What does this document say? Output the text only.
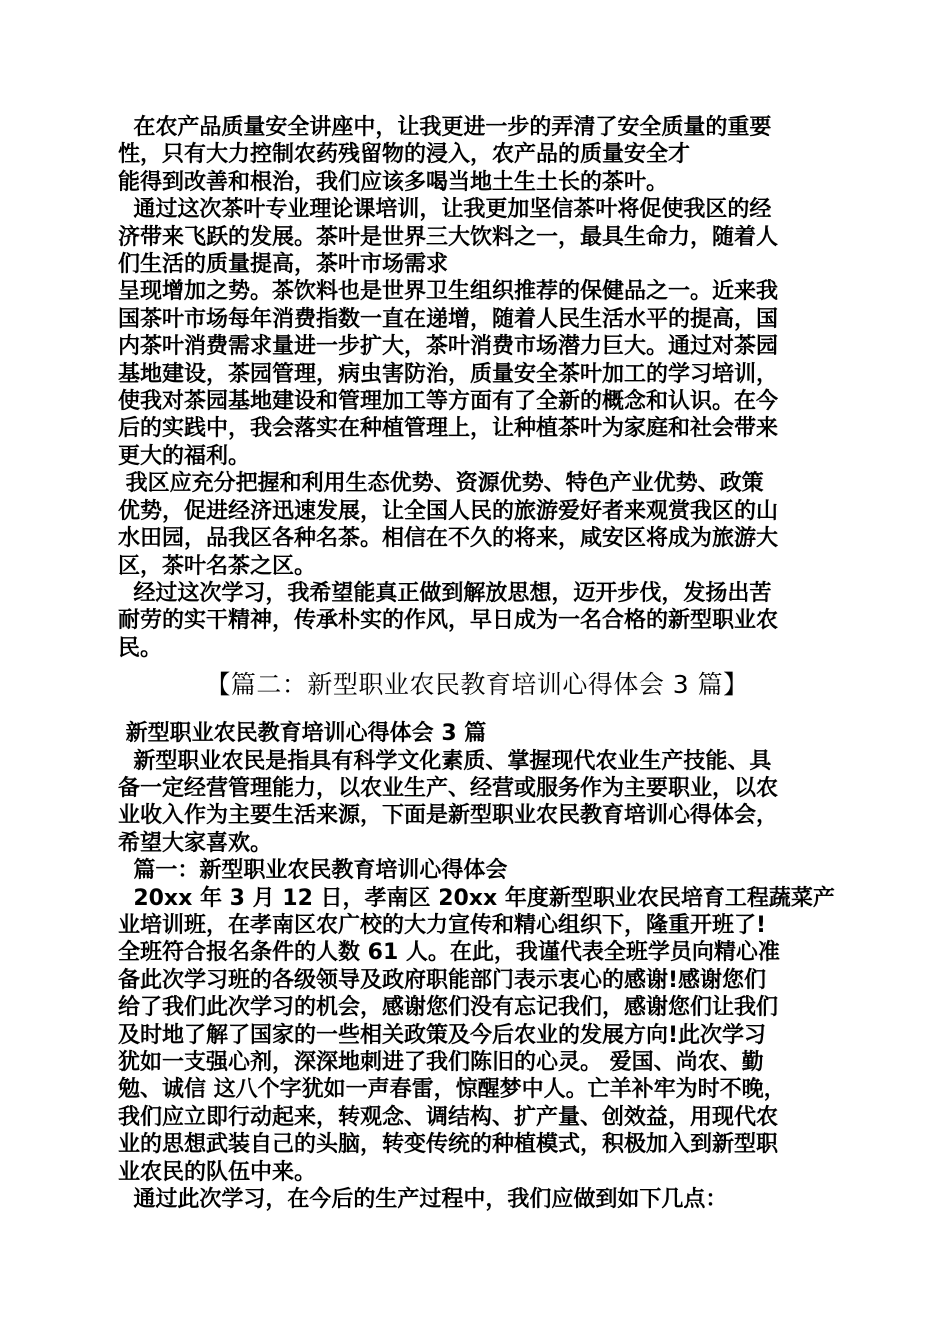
在农产品质量安全讲座中，让我更进一步的弄清了安全质量的重要
性，只有大力控制农药残留物的浸入，农产品的质量安全才
能得到改善和根治，我们应该多喝当地土生土长的茶叶。
通过这次茶叶专业理论课培训，让我更加坚信茶叶将促使我区的经
济带来飞跃的发展。茶叶是世界三大饮料之一，最具生命力，随着人
们生活的质量提高，茶叶市场需求
呈现增加之势。茶饮料也是世界卫生组织推荐的保健品之一。近来我
国茶叶市场每年消费指数一直在递增，随着人民生活水平的提高，国
内茶叶消费需求量进一步扩大，茶叶消费市场潜力巨大。通过对茶园
基地建设，茶园管理，病虫害防治，质量安全茶叶加工的学习培训，
使我对茶园基地建设和管理加工等方面有了全新的概念和认识。在今
后的实践中，我会落实在种植管理上，让种植茶叶为家庭和社会带来
更大的福利。
我区应充分把握和利用生态优势、资源优势、特色产业优势、政策
优势，促进经济迅速发展，让全国人民的旅游爱好者来观赏我区的山
水田园，品我区各种名茶。相信在不久的将来，咸安区将成为旅游大
区，茶叶名茶之区。
经过这次学习，我希望能真正做到解放思想，迈开步伐，发扬出苦
耐劳的实干精神，传承朴实的作风，早日成为一名合格的新型职业农
民。
【篇二：新型职业农民教育培训心得体会 3 篇】
新型职业农民教育培训心得体会 3 篇
新型职业农民是指具有科学文化素质、掌握现代农业生产技能、具
备一定经营管理能力，以农业生产、经营或服务作为主要职业，以农
业收入作为主要生活来源，下面是新型职业农民教育培训心得体会，
希望大家喜欢。
篇一：新型职业农民教育培训心得体会
20xx 年 3 月 12 日，孝南区 20xx 年度新型职业农民培育工程蔬菜产
业培训班，在孝南区农广校的大力宣传和精心组织下，隆重开班了!
全班符合报名条件的人数 61 人。在此，我谨代表全班学员向精心准
备此次学习班的各级领导及政府职能部门表示衷心的感谢!感谢您们
给了我们此次学习的机会，感谢您们没有忘记我们，感谢您们让我们
及时地了解了国家的一些相关政策及今后农业的发展方向!此次学习
犹如一支强心剂，深深地刺进了我们陈旧的心灵。 爱国、尚农、勤
勉、诚信 这八个字犹如一声春雷，惊醒梦中人。亡羊补牢为时不晚，
我们应立即行动起来，转观念、调结构、扩产量、创效益，用现代农
业的思想武装自己的头脑，转变传统的种植模式，积极加入到新型职
业农民的队伍中来。
通过此次学习，在今后的生产过程中，我们应做到如下几点：
